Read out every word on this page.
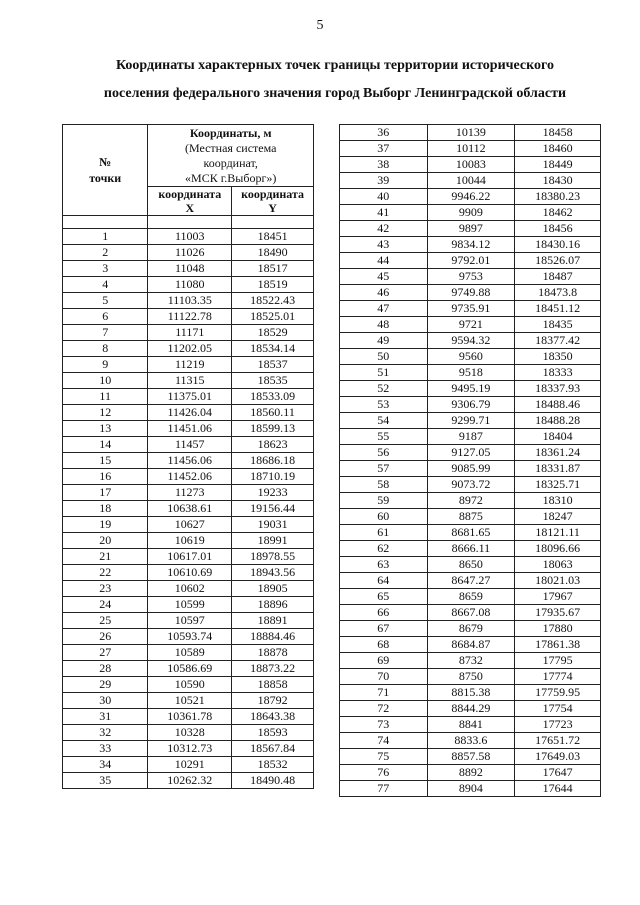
5
Координаты характерных точек границы территории исторического
поселения федерального значения город Выборг Ленинградской области
№
точки	Координаты, м
(Местная система
координат,
«МСК г.Выборг»)	
	координата
X	координата
Y

1	11003	18451
2	11026	18490
3	11048	18517
4	11080	18519
5	11103.35	18522.43
6	11122.78	18525.01
7	11171	18529
8	11202.05	18534.14
9	11219	18537
10	11315	18535
11	11375.01	18533.09
12	11426.04	18560.11
13	11451.06	18599.13
14	11457	18623
15	11456.06	18686.18
16	11452.06	18710.19
17	11273	19233
18	10638.61	19156.44
19	10627	19031
20	10619	18991
21	10617.01	18978.55
22	10610.69	18943.56
23	10602	18905
24	10599	18896
25	10597	18891
26	10593.74	18884.46
27	10589	18878
28	10586.69	18873.22
29	10590	18858
30	10521	18792
31	10361.78	18643.38
32	10328	18593
33	10312.73	18567.84
34	10291	18532
35	10262.32	18490.48
36	10139	18458
37	10112	18460
38	10083	18449
39	10044	18430
40	9946.22	18380.23
41	9909	18462
42	9897	18456
43	9834.12	18430.16
44	9792.01	18526.07
45	9753	18487
46	9749.88	18473.8
47	9735.91	18451.12
48	9721	18435
49	9594.32	18377.42
50	9560	18350
51	9518	18333
52	9495.19	18337.93
53	9306.79	18488.46
54	9299.71	18488.28
55	9187	18404
56	9127.05	18361.24
57	9085.99	18331.87
58	9073.72	18325.71
59	8972	18310
60	8875	18247
61	8681.65	18121.11
62	8666.11	18096.66
63	8650	18063
64	8647.27	18021.03
65	8659	17967
66	8667.08	17935.67
67	8679	17880
68	8684.87	17861.38
69	8732	17795
70	8750	17774
71	8815.38	17759.95
72	8844.29	17754
73	8841	17723
74	8833.6	17651.72
75	8857.58	17649.03
76	8892	17647
77	8904	17644
